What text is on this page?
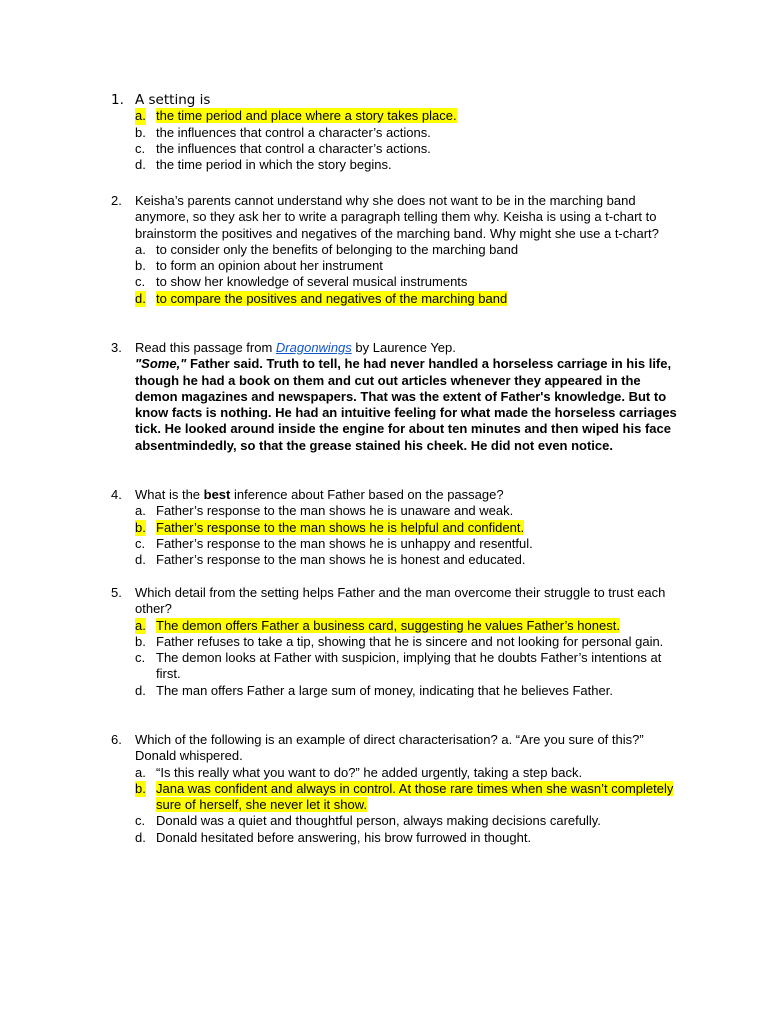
1. A setting is
a. the time period and place where a story takes place.
b. the influences that control a character’s actions.
c. the influences that control a character’s actions.
d. the time period in which the story begins.
2.	Keisha’s parents cannot understand why she does not want to be in the marching band anymore, so they ask her to write a paragraph telling them why. Keisha is using a t-chart to brainstorm the positives and negatives of the marching band. Why might she use a t-chart?
a. to consider only the benefits of belonging to the marching band
b. to form an opinion about her instrument
c. to show her knowledge of several musical instruments
d. to compare the positives and negatives of the marching band
3.	Read this passage from Dragonwings by Laurence Yep.
"Some," Father said. Truth to tell, he had never handled a horseless carriage in his life, though he had a book on them and cut out articles whenever they appeared in the demon magazines and newspapers. That was the extent of Father's knowledge. But to know facts is nothing. He had an intuitive feeling for what made the horseless carriages tick. He looked around inside the engine for about ten minutes and then wiped his face absentmindedly, so that the grease stained his cheek. He did not even notice.
4.	What is the best inference about Father based on the passage?
a. Father’s response to the man shows he is unaware and weak.
b. Father’s response to the man shows he is helpful and confident.
c. Father’s response to the man shows he is unhappy and resentful.
d. Father’s response to the man shows he is honest and educated.
5.	Which detail from the setting helps Father and the man overcome their struggle to trust each other?
a. The demon offers Father a business card, suggesting he values Father’s honest.
b. Father refuses to take a tip, showing that he is sincere and not looking for personal gain.
c. The demon looks at Father with suspicion, implying that he doubts Father’s intentions at first.
d. The man offers Father a large sum of money, indicating that he believes Father.
6.	Which of the following is an example of direct characterisation? a. “Are you sure of this?” Donald whispered.
a. “Is this really what you want to do?” he added urgently, taking a step back.
b. Jana was confident and always in control. At those rare times when she wasn’t completely sure of herself, she never let it show.
c. Donald was a quiet and thoughtful person, always making decisions carefully.
d. Donald hesitated before answering, his brow furrowed in thought.
